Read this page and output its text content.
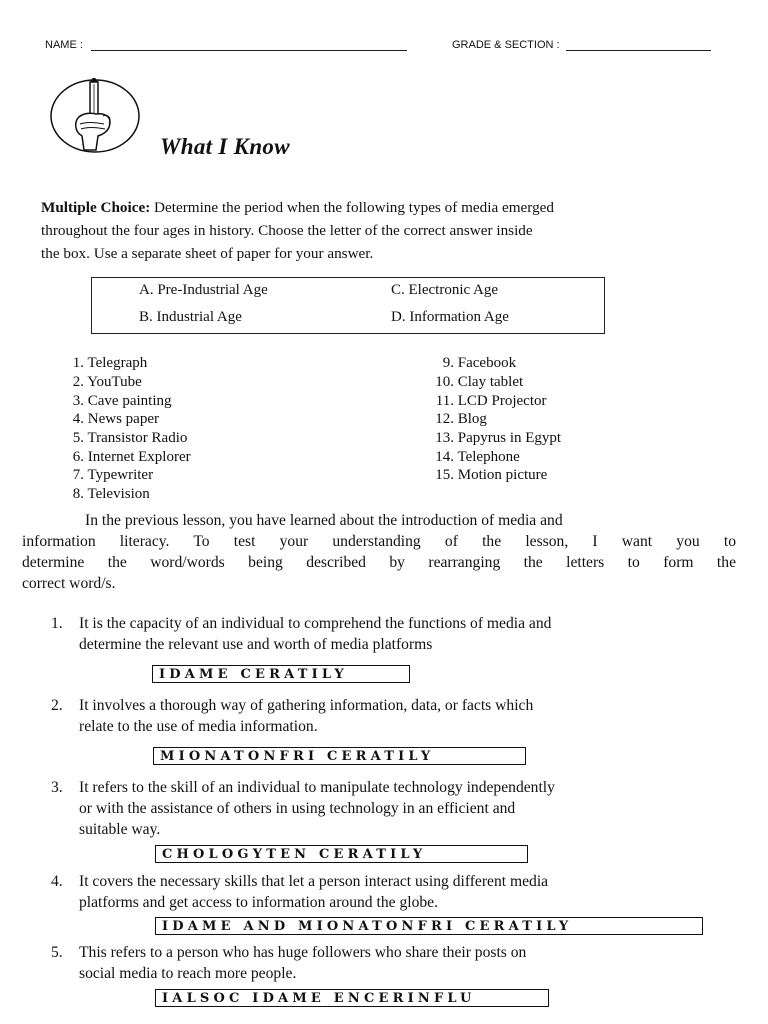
NAME :	GRADE & SECTION :
What I Know
Multiple Choice: Determine the period when the following types of media emerged
throughout the four ages in history. Choose the letter of the correct answer inside
the box. Use a separate sheet of paper for your answer.
A. Pre-Industrial Age
B. Industrial Age
C. Electronic Age
D. Information Age
1. Telegraph
2. YouTube
3. Cave painting
4. News paper
5. Transistor Radio
6. Internet Explorer
7. Typewriter
8. Television
9. Facebook
10. Clay tablet
11. LCD Projector
12. Blog
13. Papyrus in Egypt
14. Telephone
15. Motion picture
In the previous lesson, you have learned about the introduction of media and
information literacy. To test your understanding of the lesson, I want you to
determine the word/words being described by rearranging the letters to form the
correct word/s.
1. It is the capacity of an individual to comprehend the functions of media and
determine the relevant use and worth of media platforms
IDAME CERATILY
2. It involves a thorough way of gathering information, data, or facts which
relate to the use of media information.
MIONATONFRI CERATILY
3. It refers to the skill of an individual to manipulate technology independently
or with the assistance of others in using technology in an efficient and
suitable way.
CHOLOGYTEN CERATILY
4. It covers the necessary skills that let a person interact using different media
platforms and get access to information around the globe.
IDAME AND MIONATONFRI CERATILY
5. This refers to a person who has huge followers who share their posts on
social media to reach more people.
IALSOC IDAME ENCERINFLU
